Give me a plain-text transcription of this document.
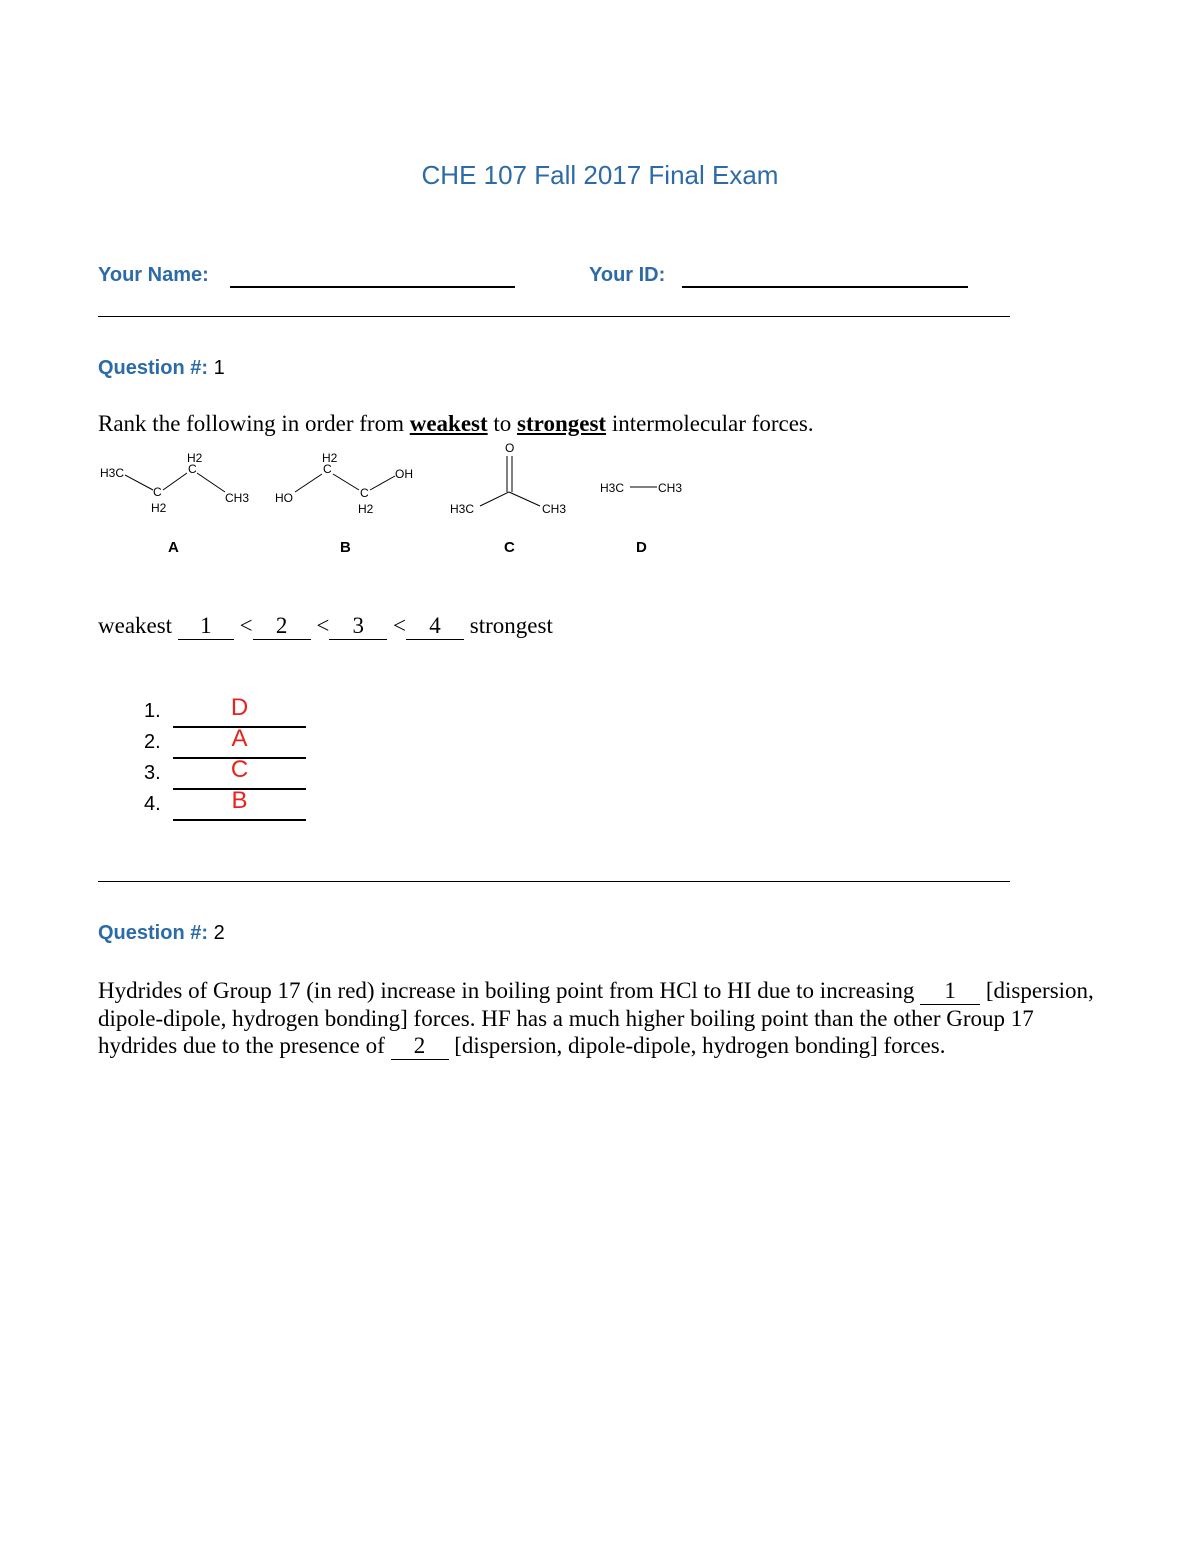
CHE 107 Fall 2017 Final Exam
Your Name:	Your ID:
Question #: 1
Rank the following in order from weakest to strongest intermolecular forces.
H3C
H2
C
C
H2
CH3
A
H2
C	OH
HO	C
H2
B
O
H3C	CH3
C
H3C	CH3
D
weakest 1 < 2 < 3 < 4 strongest
1.	D
2.	A
3.	C
4.	B
Question #: 2
Hydrides of Group 17 (in red) increase in boiling point from HCl to HI due to increasing 1 [dispersion, dipole-dipole, hydrogen bonding] forces. HF has a much higher boiling point than the other Group 17 hydrides due to the presence of 2 [dispersion, dipole-dipole, hydrogen bonding] forces.
